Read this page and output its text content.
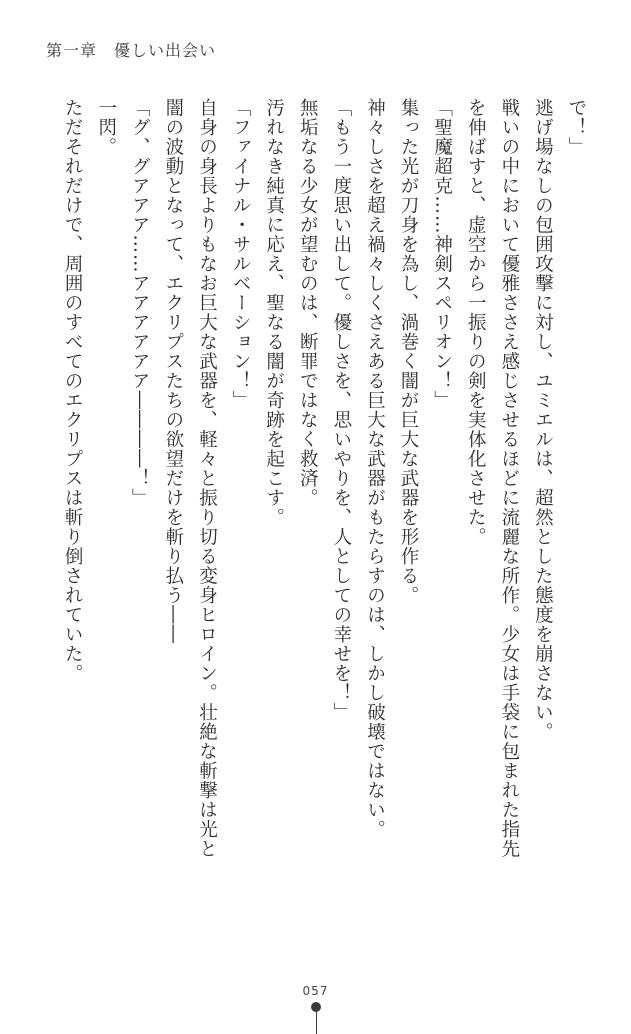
第一章　優しい出会い
で！」
逃げ場なしの包囲攻撃に対し、ユミエルは、超然とした態度を崩さない。
戦いの中において優雅ささえ感じさせるほどに流麗な所作。少女は手袋に包まれた指先
を伸ばすと、虚空から一振りの剣を実体化させた。
「聖魔超克……神剣スペリオン！」
集った光が刀身を為し、渦巻く闇が巨大な武器を形作る。
神々しさを超え禍々しくさえある巨大な武器がもたらすのは、しかし破壊ではない。
「もう一度思い出して。優しさを、思いやりを、人としての幸せを！」
無垢なる少女が望むのは、断罪ではなく救済。
汚れなき純真に応え、聖なる闇が奇跡を起こす。
「ファイナル・サルベーション！」
自身の身長よりもなお巨大な武器を、軽々と振り切る変身ヒロイン。壮絶な斬撃は光と
闇の波動となって、エクリプスたちの欲望だけを斬り払う――
「グ、グアアア……アアアアアア――――！」
一閃。
ただそれだけで、周囲のすべてのエクリプスは斬り倒されていた。
057
